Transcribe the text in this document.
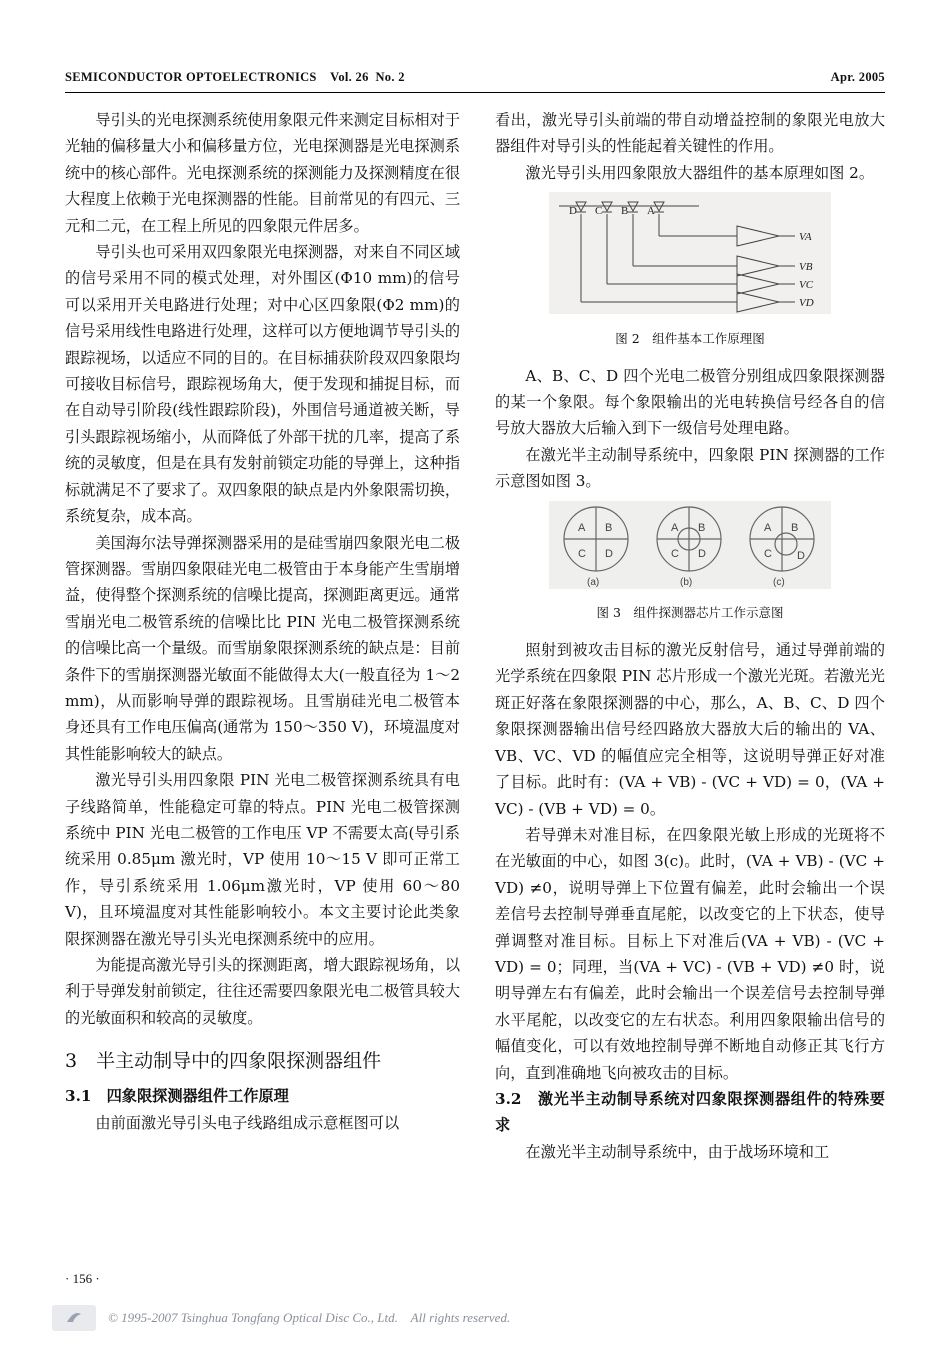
SEMICONDUCTOR OPTOELECTRONICS    Vol. 26  No. 2	Apr. 2005

导引头的光电探测系统使用象限元件来测定目标相对于光轴的偏移量大小和偏移量方位，光电探测器是光电探测系统中的核心部件。光电探测系统的探测能力及探测精度在很大程度上依赖于光电探测器的性能。目前常见的有四元、三元和二元，在工程上所见的四象限元件居多。

导引头也可采用双四象限光电探测器，对来自不同区域的信号采用不同的模式处理，对外围区(Φ10 mm)的信号可以采用开关电路进行处理；对中心区四象限(Φ2 mm)的信号采用线性电路进行处理，这样可以方便地调节导引头的跟踪视场，以适应不同的目的。在目标捕获阶段双四象限均可接收目标信号，跟踪视场角大，便于发现和捕捉目标，而在自动导引阶段(线性跟踪阶段)，外围信号通道被关断，导引头跟踪视场缩小，从而降低了外部干扰的几率，提高了系统的灵敏度，但是在具有发射前锁定功能的导弹上，这种指标就满足不了要求了。双四象限的缺点是内外象限需切换，系统复杂，成本高。

美国海尔法导弹探测器采用的是硅雪崩四象限光电二极管探测器。雪崩四象限硅光电二极管由于本身能产生雪崩增益，使得整个探测系统的信噪比提高，探测距离更远。通常雪崩光电二极管系统的信噪比比 PIN 光电二极管探测系统的信噪比高一个量级。而雪崩象限探测系统的缺点是：目前条件下的雪崩探测器光敏面不能做得太大(一般直径为 1～2 mm)，从而影响导弹的跟踪视场。且雪崩硅光电二极管本身还具有工作电压偏高(通常为 150～350 V)，环境温度对其性能影响较大的缺点。

激光导引头用四象限 PIN 光电二极管探测系统具有电子线路简单，性能稳定可靠的特点。PIN 光电二极管探测系统中 PIN 光电二极管的工作电压 VP 不需要太高(导引系统采用 0.85μm 激光时，VP 使用 10～15 V 即可正常工作，导引系统采用 1.06μm激光时，VP 使用 60～80 V)，且环境温度对其性能影响较小。本文主要讨论此类象限探测器在激光导引头光电探测系统中的应用。

为能提高激光导引头的探测距离，增大跟踪视场角，以利于导弹发射前锁定，往往还需要四象限光电二极管具较大的光敏面积和较高的灵敏度。

3　半主动制导中的四象限探测器组件
3.1　四象限探测器组件工作原理

由前面激光导引头电子线路组成示意框图可以

看出，激光导引头前端的带自动增益控制的象限光电放大器组件对导引头的性能起着关键性的作用。

激光导引头用四象限放大器组件的基本原理如图 2。

D C B A
VA
VB
VC
VD
图 2　组件基本工作原理图

A、B、C、D 四个光电二极管分别组成四象限探测器的某一个象限。每个象限输出的光电转换信号经各自的信号放大器放大后输入到下一级信号处理电路。

在激光半主动制导系统中，四象限 PIN 探测器的工作示意图如图 3。

A B
C D
A B
C D
A B
C D
(a)	(b)	(c)
图 3　组件探测器芯片工作示意图

照射到被攻击目标的激光反射信号，通过导弹前端的光学系统在四象限 PIN 芯片形成一个激光光斑。若激光光斑正好落在象限探测器的中心，那么，A、B、C、D 四个象限探测器输出信号经四路放大器放大后的输出的 VA、VB、VC、VD 的幅值应完全相等，这说明导弹正好对准了目标。此时有：(VA + VB) - (VC + VD) = 0，(VA + VC) - (VB + VD) = 0。

若导弹未对准目标，在四象限光敏上形成的光斑将不在光敏面的中心，如图 3(c)。此时，(VA + VB) - (VC + VD) ≠0，说明导弹上下位置有偏差，此时会输出一个误差信号去控制导弹垂直尾舵，以改变它的上下状态，使导弹调整对准目标。目标上下对准后(VA + VB) - (VC + VD) = 0；同理，当(VA + VC) - (VB + VD) ≠0 时，说明导弹左右有偏差，此时会输出一个误差信号去控制导弹水平尾舵，以改变它的左右状态。利用四象限输出信号的幅值变化，可以有效地控制导弹不断地自动修正其飞行方向，直到准确地飞向被攻击的目标。

3.2　激光半主动制导系统对四象限探测器组件的特殊要求

在激光半主动制导系统中，由于战场环境和工

· 156 ·
© 1995-2007 Tsinghua Tongfang Optical Disc Co., Ltd.    All rights reserved.
